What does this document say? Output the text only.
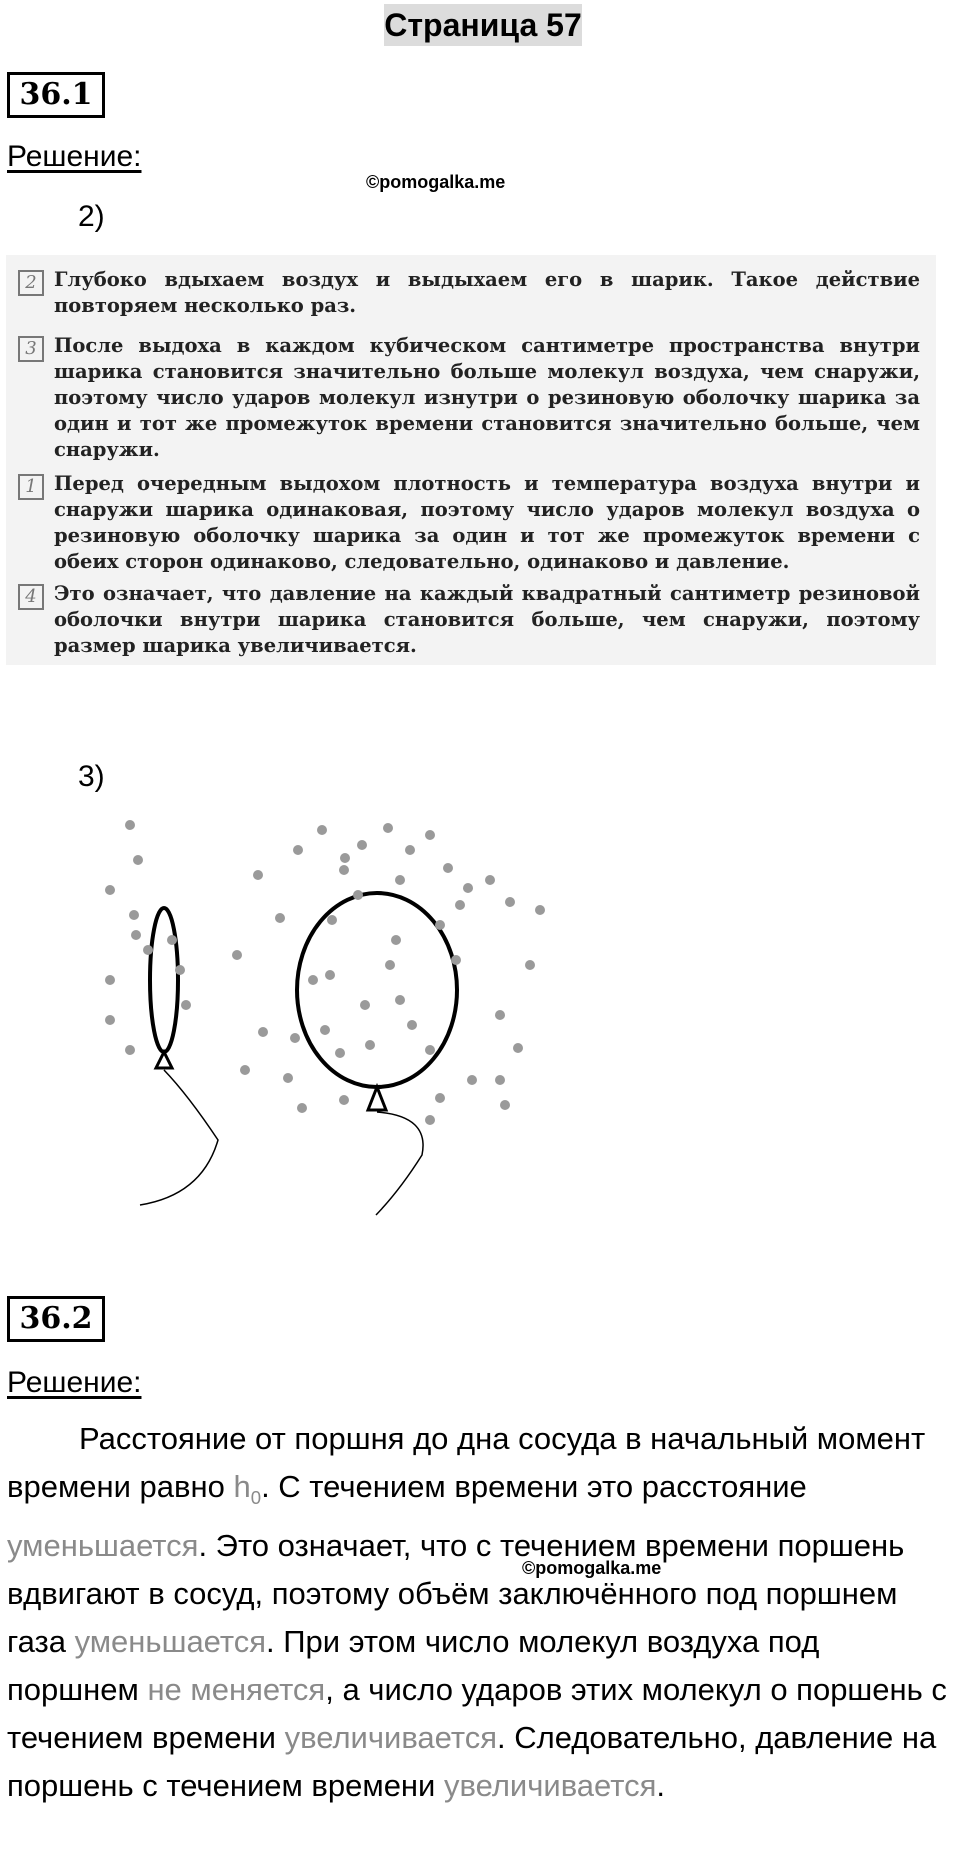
Страница 57
36.1
Решение:
©pomogalka.me
2)
2 Глубоко вдыхаем воздух и выдыхаем его в шарик. Такое действие повторяем несколько раз.
3 После выдоха в каждом кубическом сантиметре пространства внутри шарика становится значительно больше молекул воздуха, чем снаружи, поэтому число ударов молекул изнутри о резиновую оболочку шарика за один и тот же промежуток времени становится значительно больше, чем снаружи.
1 Перед очередным выдохом плотность и температура воздуха внутри и снаружи шарика одинаковая, поэтому число ударов молекул воздуха о резиновую оболочку шарика за один и тот же промежуток времени с обеих сторон одинаково, следовательно, одинаково и давление.
4 Это означает, что давление на каждый квадратный сантиметр резиновой оболочки внутри шарика становится больше, чем снаружи, поэтому размер шарика увеличивается.
3)
36.2
Решение:
©pomogalka.me
Расстояние от поршня до дна сосуда в начальный момент времени равно $h_0$. С течением времени это расстояние уменьшается. Это означает, что с течением времени поршень вдвигают в сосуд, поэтому объём заключённого под поршнем газа уменьшается. При этом число молекул воздуха под поршнем не меняется, а число ударов этих молекул о поршень с течением времени увеличивается. Следовательно, давление на поршень с течением времени увеличивается.
